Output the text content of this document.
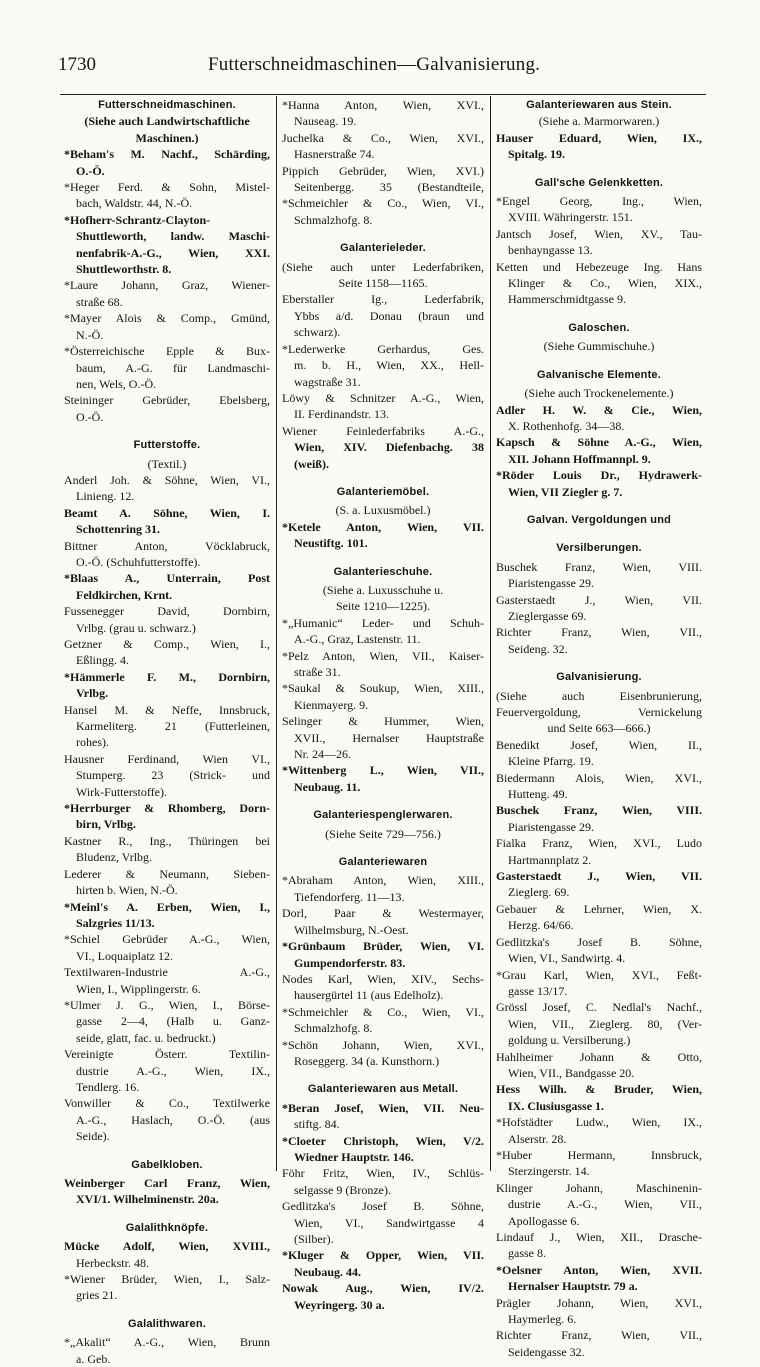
1730	Futterschneidmaschinen—Galvanisierung.
Futterschneidmaschinen.
(Siehe auch Landwirtschaftliche
Maschinen.)
*Beham's M. Nachf., Schärding,
O.-Ö.
*Heger Ferd. & Sohn, Mistel-
bach, Waldstr. 44, N.-Ö.
*Hofherr-Schrantz-Clayton-
Shuttleworth, landw. Maschi-
nenfabrik-A.-G., Wien, XXI.
Shuttleworthstr. 8.
*Laure Johann, Graz, Wiener-
straße 68.
*Mayer Alois & Comp., Gmünd,
N.-Ö.
*Österreichische Epple & Bux-
baum, A.-G. für Landmaschi-
nen, Wels, O.-Ö.
Steininger Gebrüder, Ebelsberg,
O.-Ö.
Futterstoffe.
(Textil.)
Anderl Joh. & Söhne, Wien, VI.,
Linieng. 12.
Beamt A. Söhne, Wien, I.
Schottenring 31.
Bittner Anton, Vöcklabruck,
O.-Ö. (Schuhfutterstoffe).
*Blaas A., Unterrain, Post
Feldkirchen, Krnt.
Fussenegger David, Dornbirn,
Vrlbg. (grau u. schwarz.)
Getzner & Comp., Wien, I.,
Eßlingg. 4.
*Hämmerle F. M., Dornbirn,
Vrlbg.
Hansel M. & Neffe, Innsbruck,
Karmeliterg. 21 (Futterleinen,
rohes).
Hausner Ferdinand, Wien VI.,
Stumperg. 23 (Strick- und
Wirk-Futterstoffe).
*Herrburger & Rhomberg, Dorn-
birn, Vrlbg.
Kastner R., Ing., Thüringen bei
Bludenz, Vrlbg.
Lederer & Neumann, Sieben-
hirten b. Wien, N.-Ö.
*Meinl's A. Erben, Wien, I.,
Salzgries 11/13.
*Schiel Gebrüder A.-G., Wien,
VI., Loquaiplatz 12.
Textilwaren-Industrie A.-G.,
Wien, I., Wipplingerstr. 6.
*Ulmer J. G., Wien, I., Börse-
gasse 2—4, (Halb u. Ganz-
seide, glatt, fac. u. bedruckt.)
Vereinigte Österr. Textilin-
dustrie A.-G., Wien, IX.,
Tendlerg. 16.
Vonwiller & Co., Textilwerke
A.-G., Haslach, O.-Ö. (aus
Seide).
Gabelkloben.
Weinberger Carl Franz, Wien,
XVI/1. Wilhelminenstr. 20a.
Galalithknöpfe.
Mücke Adolf, Wien, XVIII.,
Herbeckstr. 48.
*Wiener Brüder, Wien, I., Salz-
gries 21.
Galalithwaren.
*„Akalit“ A.-G., Wien, Brunn
a. Geb.
*Hanna Anton, Wien, XVI.,
Nauseag. 19.
Juchelka & Co., Wien, XVI.,
Hasnerstraße 74.
Pippich Gebrüder, Wien, XVI.)
Seitenbergg. 35 (Bestandteile,
*Schmeichler & Co., Wien, VI.,
Schmalzhofg. 8.
Galanterieleder.
(Siehe auch unter Lederfabriken,
Seite 1158—1165.
Eberstaller Ig., Lederfabrik,
Ybbs a/d. Donau (braun und
schwarz).
*Lederwerke Gerhardus, Ges.
m. b. H., Wien, XX., Hell-
wagstraße 31.
Löwy & Schnitzer A.-G., Wien,
II. Ferdinandstr. 13.
Wiener Feinlederfabriks A.-G.,
Wien, XIV. Diefenbachg. 38
(weiß).
Galanteriemöbel.
(S. a. Luxusmöbel.)
*Ketele Anton, Wien, VII.
Neustiftg. 101.
Galanterieschuhe.
(Siehe a. Luxusschuhe u.
Seite 1210—1225).
*„Humanic“ Leder- und Schuh-
A.-G., Graz, Lastenstr. 11.
*Pelz Anton, Wien, VII., Kaiser-
straße 31.
*Saukal & Soukup, Wien, XIII.,
Kienmayerg. 9.
Selinger & Hummer, Wien,
XVII., Hernalser Hauptstraße
Nr. 24—26.
*Wittenberg L., Wien, VII.,
Neubaug. 11.
Galanteriespenglerwaren.
(Siehe Seite 729—756.)
Galanteriewaren
*Abraham Anton, Wien, XIII.,
Tiefendorferg. 11—13.
Dorl, Paar & Westermayer,
Wilhelmsburg, N.-Oest.
*Grünbaum Brüder, Wien, VI.
Gumpendorferstr. 83.
Nodes Karl, Wien, XIV., Sechs-
hausergürtel 11 (aus Edelholz).
*Schmeichler & Co., Wien, VI.,
Schmalzhofg. 8.
*Schön Johann, Wien, XVI.,
Roseggerg. 34 (a. Kunsthorn.)
Galanteriewaren aus Metall.
*Beran Josef, Wien, VII. Neu-
stiftg. 84.
*Cloeter Christoph, Wien, V/2.
Wiedner Hauptstr. 146.
Föhr Fritz, Wien, IV., Schlüs-
selgasse 9 (Bronze).
Gedlitzka's Josef B. Söhne,
Wien, VI., Sandwirtgasse 4
(Silber).
*Kluger & Opper, Wien, VII.
Neubaug. 44.
Nowak Aug., Wien, IV/2.
Weyringerg. 30 a.
Galanteriewaren aus Stein.
(Siehe a. Marmorwaren.)
Hauser Eduard, Wien, IX.,
Spitalg. 19.
Gall'sche Gelenkketten.
*Engel Georg, Ing., Wien,
XVIII. Währingerstr. 151.
Jantsch Josef, Wien, XV., Tau-
benhayngasse 13.
Ketten und Hebezeuge Ing. Hans
Klinger & Co., Wien, XIX.,
Hammerschmidtgasse 9.
Galoschen.
(Siehe Gummischuhe.)
Galvanische Elemente.
(Siehe auch Trockenelemente.)
Adler H. W. & Cie., Wien,
X. Rothenhofg. 34—38.
Kapsch & Söhne A.-G., Wien,
XII. Johann Hoffmannpl. 9.
*Röder Louis Dr., Hydrawerk-
Wien, VII Ziegler g. 7.
Galvan. Vergoldungen und
Versilberungen.
Buschek Franz, Wien, VIII.
Piaristengasse 29.
Gasterstaedt J., Wien, VII.
Zieglergasse 69.
Richter Franz, Wien, VII.,
Seideng. 32.
Galvanisierung.
(Siehe auch Eisenbrunierung,
Feuervergoldung, Vernickelung
und Seite 663—666.)
Benedikt Josef, Wien, II.,
Kleine Pfarrg. 19.
Biedermann Alois, Wien, XVI.,
Hutteng. 49.
Buschek Franz, Wien, VIII.
Piaristengasse 29.
Fialka Franz, Wien, XVI., Ludo
Hartmannplatz 2.
Gasterstaedt J., Wien, VII.
Zieglerg. 69.
Gebauer & Lehrner, Wien, X.
Herzg. 64/66.
Gedlitzka's Josef B. Söhne,
Wien, VI., Sandwirtg. 4.
*Grau Karl, Wien, XVI., Feßt-
gasse 13/17.
Grössl Josef, C. Nedlal's Nachf.,
Wien, VII., Zieglerg. 80, (Ver-
goldung u. Versilberung.)
Hahlheimer Johann & Otto,
Wien, VII., Bandgasse 20.
Hess Wilh. & Bruder, Wien,
IX. Clusiusgasse 1.
*Hofstädter Ludw., Wien, IX.,
Alserstr. 28.
*Huber Hermann, Innsbruck,
Sterzingerstr. 14.
Klinger Johann, Maschinenin-
dustrie A.-G., Wien, VII.,
Apollogasse 6.
Lindauf J., Wien, XII., Drasche-
gasse 8.
*Oelsner Anton, Wien, XVII.
Hernalser Hauptstr. 79 a.
Prägler Johann, Wien, XVI.,
Haymerleg. 6.
Richter Franz, Wien, VII.,
Seidengasse 32.
